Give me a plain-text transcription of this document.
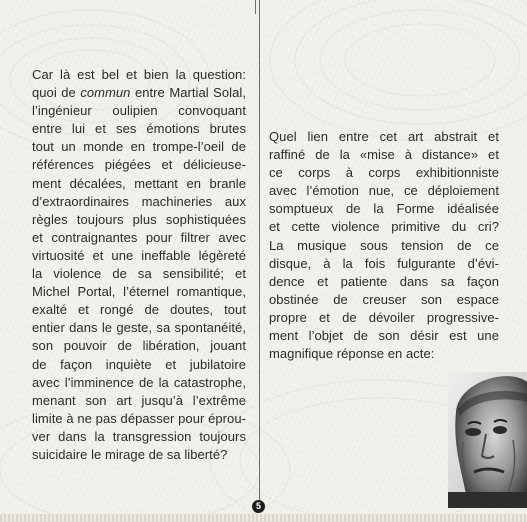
Car là est bel et bien la question:
quoi de commun entre Martial Solal,
l’ingénieur oulipien convoquant
entre lui et ses émotions brutes
tout un monde en trompe-l’oeil de
références piégées et délicieuse-
ment décalées, mettant en branle
d’extraordinaires machineries aux
règles toujours plus sophistiquées
et contraignantes pour filtrer avec
virtuosité et une ineffable légèreté
la violence de sa sensibilité; et
Michel Portal, l’éternel romantique,
exalté et rongé de doutes, tout
entier dans le geste, sa spontanéité,
son pouvoir de libération, jouant
de façon inquiète et jubilatoire
avec l’imminence de la catastrophe,
menant son art jusqu’à l’extrême
limite à ne pas dépasser pour éprou-
ver dans la transgression toujours
suicidaire le mirage de sa liberté?
Quel lien entre cet art abstrait et
raffiné de la «mise à distance» et
ce corps à corps exhibitionniste
avec l’émotion nue, ce déploiement
somptueux de la Forme idéalisée
et cette violence primitive du cri?
La musique sous tension de ce
disque, à la fois fulgurante d’évi-
dence et patiente dans sa façon
obstinée de creuser son espace
propre et de dévoiler progressive-
ment l’objet de son désir est une
magnifique réponse en acte:
5
